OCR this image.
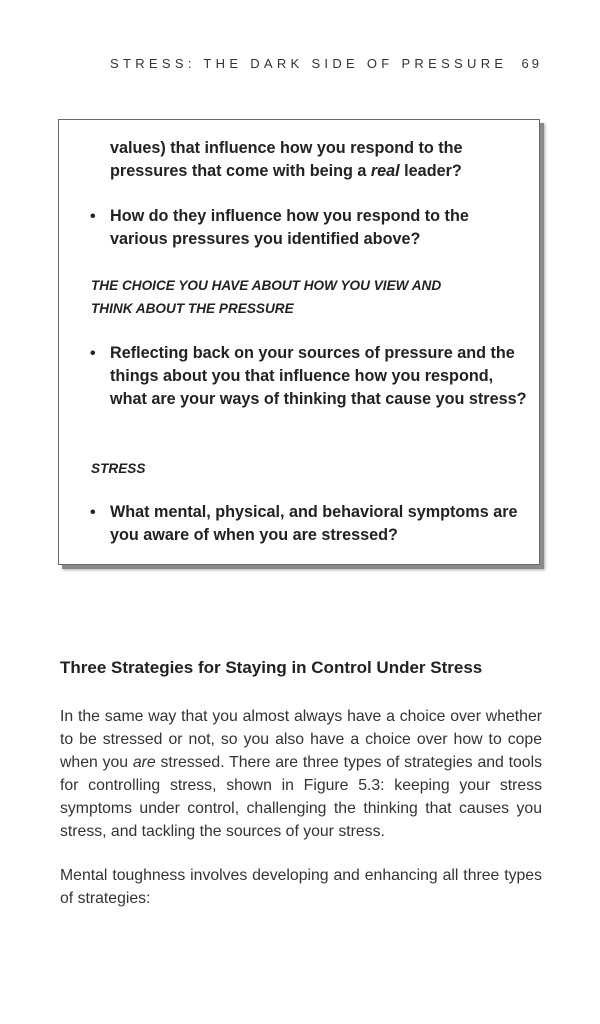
STRESS: THE DARK SIDE OF PRESSURE 69
values) that influence how you respond to the pressures that come with being a real leader?
• How do they influence how you respond to the various pressures you identified above?
THE CHOICE YOU HAVE ABOUT HOW YOU VIEW AND
THINK ABOUT THE PRESSURE
• Reflecting back on your sources of pressure and the things about you that influence how you respond, what are your ways of thinking that cause you stress?
STRESS
• What mental, physical, and behavioral symptoms are you aware of when you are stressed?
Three Strategies for Staying in Control Under Stress
In the same way that you almost always have a choice over whether to be stressed or not, so you also have a choice over how to cope when you are stressed. There are three types of strategies and tools for controlling stress, shown in Figure 5.3: keeping your stress symptoms under control, challenging the thinking that causes you stress, and tackling the sources of your stress.
Mental toughness involves developing and enhancing all three types of strategies:
